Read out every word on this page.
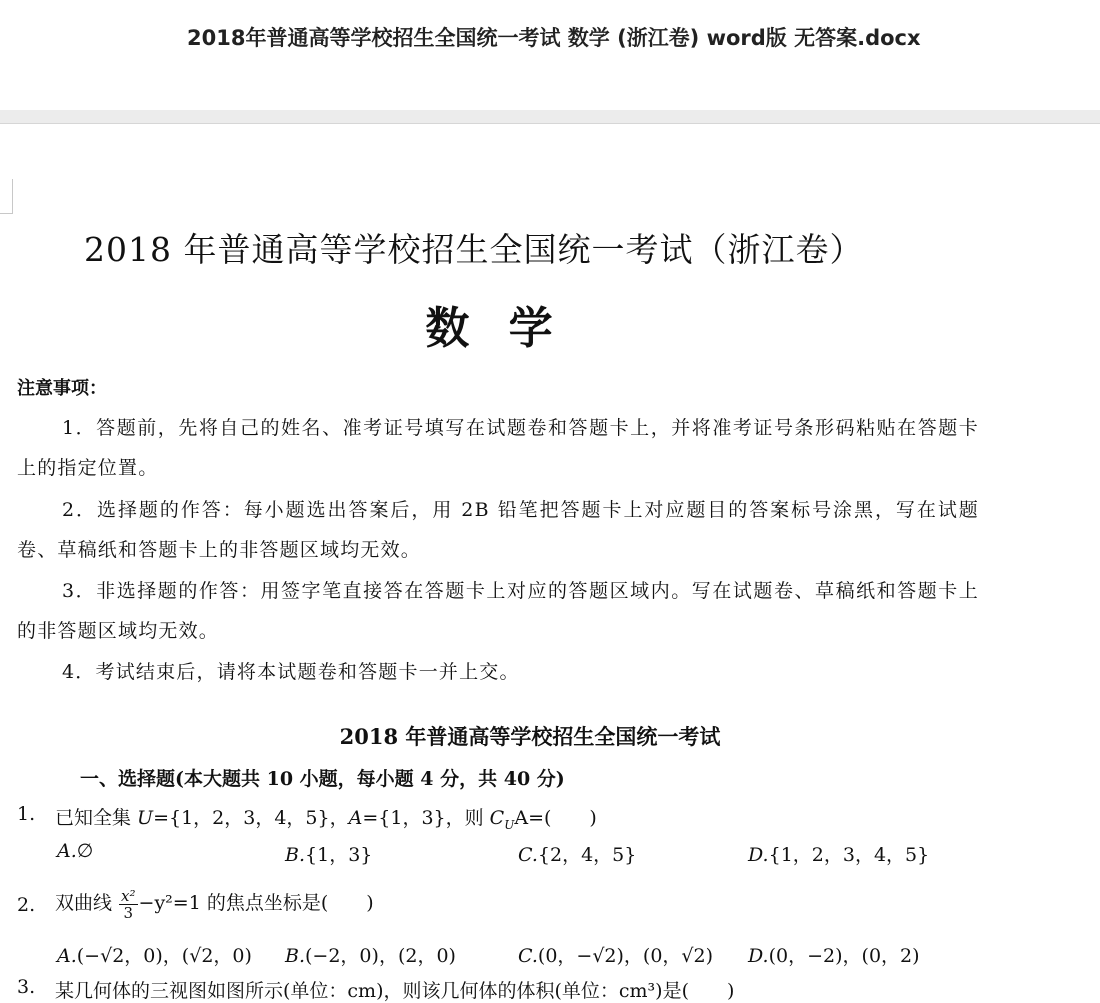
2018年普通高等学校招生全国统一考试 数学 (浙江卷) word版 无答案.docx
2018 年普通高等学校招生全国统一考试（浙江卷）
数 学
注意事项：
1．答题前，先将自己的姓名、准考证号填写在试题卷和答题卡上，并将准考证号条形码粘贴在答题卡上的指定位置。
2．选择题的作答：每小题选出答案后，用 2B 铅笔把答题卡上对应题目的答案标号涂黑，写在试题卷、草稿纸和答题卡上的非答题区域均无效。
3．非选择题的作答：用签字笔直接答在答题卡上对应的答题区域内。写在试题卷、草稿纸和答题卡上的非答题区域均无效。
4．考试结束后，请将本试题卷和答题卡一并上交。
2018 年普通高等学校招生全国统一考试
一、选择题(本大题共 10 小题，每小题 4 分，共 40 分)
1. 已知全集 U={1，2，3，4，5}，A={1，3}，则 $C_UA=$(　　)
A.∅	B.{1，3}	C.{2，4，5}	D.{1，2，3，4，5}
2. 双曲线 $\frac{\text{x²}}{3} -y^2=1$ 的焦点坐标是(　　)
A.(−√2，0)，(√2，0) B.(−2，0)，(2，0)	C.(0，−√2)，(0，√2) D.(0，−2)，(0，2)
3. 某几何体的三视图如图所示(单位：cm)，则该几何体的体积(单位：cm³)是(　　)
